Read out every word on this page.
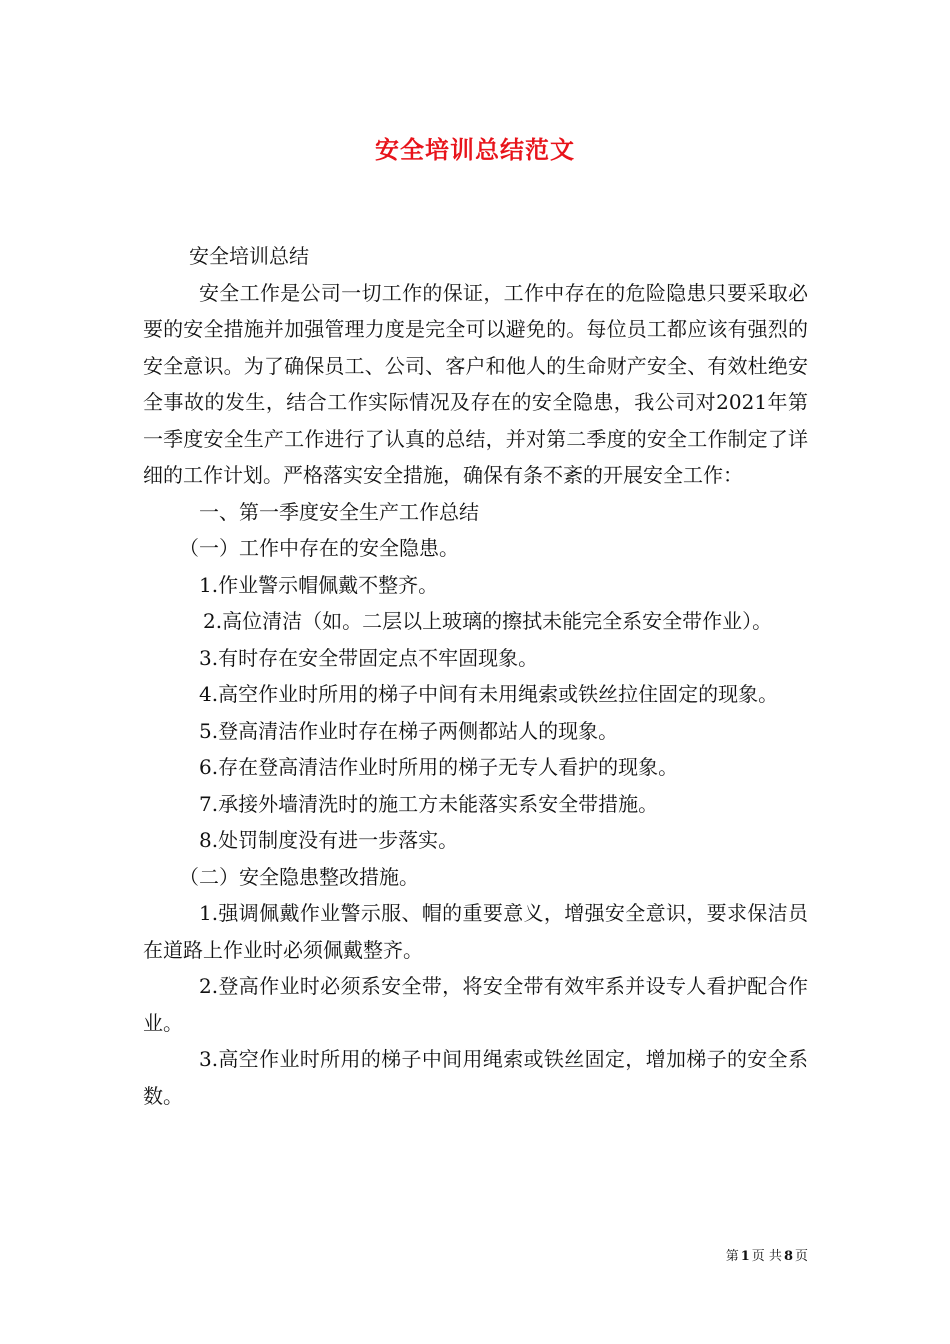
安全培训总结范文

安全培训总结

安全工作是公司一切工作的保证，工作中存在的危险隐患只要采取必要的安全措施并加强管理力度是完全可以避免的。每位员工都应该有强烈的安全意识。为了确保员工、公司、客户和他人的生命财产安全、有效杜绝安全事故的发生，结合工作实际情况及存在的安全隐患，我公司对2021年第一季度安全生产工作进行了认真的总结，并对第二季度的安全工作制定了详细的工作计划。严格落实安全措施，确保有条不紊的开展安全工作：

一、第一季度安全生产工作总结

（一）工作中存在的安全隐患。

1.作业警示帽佩戴不整齐。

2.高位清洁（如。二层以上玻璃的擦拭未能完全系安全带作业）。

3.有时存在安全带固定点不牢固现象。

4.高空作业时所用的梯子中间有未用绳索或铁丝拉住固定的现象。

5.登高清洁作业时存在梯子两侧都站人的现象。

6.存在登高清洁作业时所用的梯子无专人看护的现象。

7.承接外墙清洗时的施工方未能落实系安全带措施。

8.处罚制度没有进一步落实。

（二）安全隐患整改措施。

1.强调佩戴作业警示服、帽的重要意义，增强安全意识，要求保洁员在道路上作业时必须佩戴整齐。

2.登高作业时必须系安全带，将安全带有效牢系并设专人看护配合作业。

3.高空作业时所用的梯子中间用绳索或铁丝固定，增加梯子的安全系数。

第 1 页 共 8 页
